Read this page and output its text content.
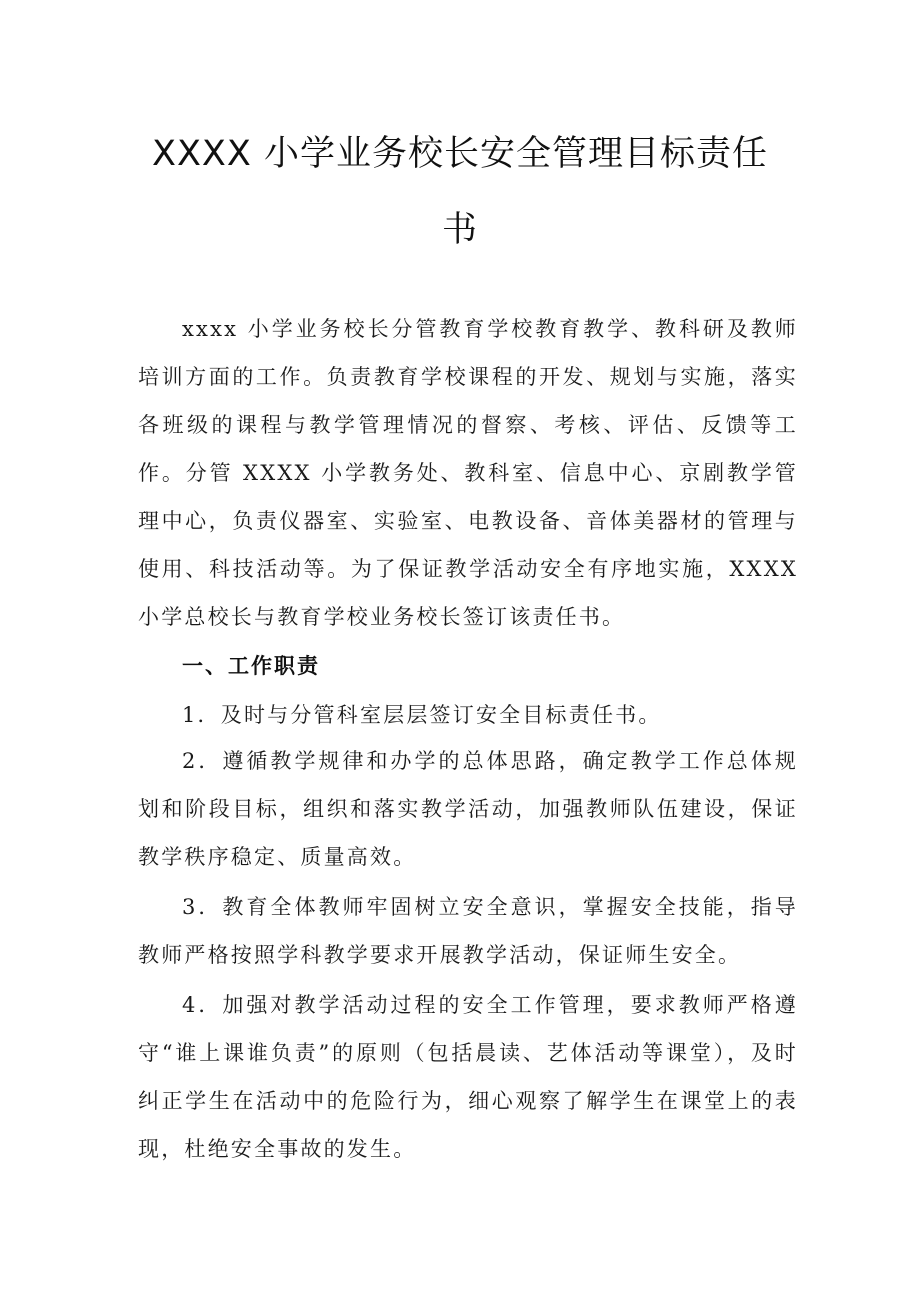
XXXX 小学业务校长安全管理目标责任
书

xxxx 小学业务校长分管教育学校教育教学、教科研及教师培训方面的工作。负责教育学校课程的开发、规划与实施，落实各班级的课程与教学管理情况的督察、考核、评估、反馈等工作。分管 XXXX 小学教务处、教科室、信息中心、京剧教学管理中心，负责仪器室、实验室、电教设备、音体美器材的管理与使用、科技活动等。为了保证教学活动安全有序地实施，XXXX 小学总校长与教育学校业务校长签订该责任书。

一、工作职责

1．及时与分管科室层层签订安全目标责任书。

2．遵循教学规律和办学的总体思路，确定教学工作总体规划和阶段目标，组织和落实教学活动，加强教师队伍建设，保证教学秩序稳定、质量高效。

3．教育全体教师牢固树立安全意识，掌握安全技能，指导教师严格按照学科教学要求开展教学活动，保证师生安全。

4．加强对教学活动过程的安全工作管理，要求教师严格遵守“谁上课谁负责”的原则（包括晨读、艺体活动等课堂），及时纠正学生在活动中的危险行为，细心观察了解学生在课堂上的表现，杜绝安全事故的发生。
